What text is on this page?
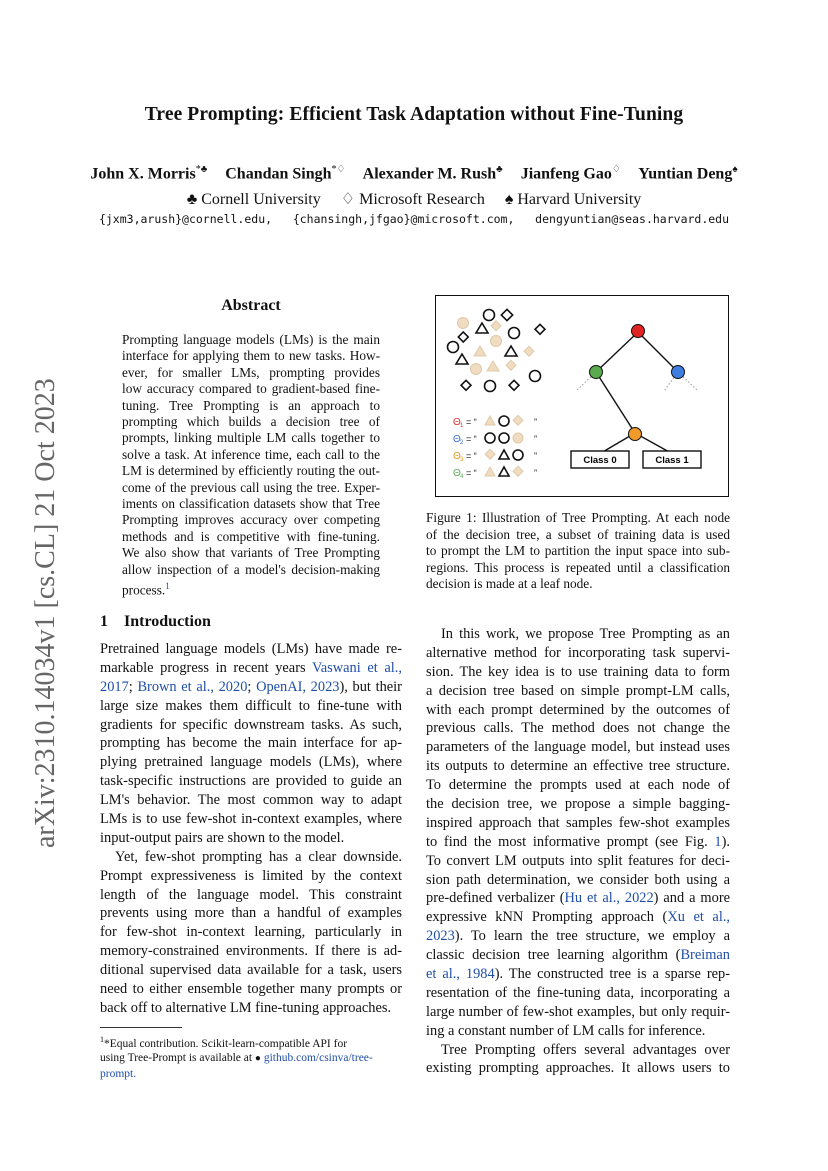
arXiv:2310.14034v1 [cs.CL] 21 Oct 2023
Tree Prompting: Efficient Task Adaptation without Fine-Tuning
John X. Morris*♣ Chandan Singh*♢ Alexander M. Rush♣ Jianfeng Gao♢ Yuntian Deng♠
♣ Cornell University ♢ Microsoft Research ♠ Harvard University
{jxm3,arush}@cornell.edu, {chansingh,jfgao}@microsoft.com, dengyuntian@seas.harvard.edu
Abstract
Prompting language models (LMs) is the main
interface for applying them to new tasks. How-
ever, for smaller LMs, prompting provides
low accuracy compared to gradient-based fine-
tuning. Tree Prompting is an approach to
prompting which builds a decision tree of
prompts, linking multiple LM calls together to
solve a task. At inference time, each call to the
LM is determined by efficiently routing the out-
come of the previous call using the tree. Exper-
iments on classification datasets show that Tree
Prompting improves accuracy over competing
methods and is competitive with fine-tuning.
We also show that variants of Tree Prompting
allow inspection of a model's decision-making
process.$^1$
Θ 1 = “	”
Θ 2 = “	”
Θ 3 = “	”
Θ 4 = “	”
Class 0	Class 1
Figure 1: Illustration of Tree Prompting. At each node
of the decision tree, a subset of training data is used
to prompt the LM to partition the input space into sub-
regions. This process is repeated until a classification
decision is made at a leaf node.
1 Introduction
Pretrained language models (LMs) have made re-
markable progress in recent years Vaswani et al.,
2017; Brown et al., 2020; OpenAI, 2023), but their
large size makes them difficult to fine-tune with
gradients for specific downstream tasks. As such,
prompting has become the main interface for ap-
plying pretrained language models (LMs), where
task-specific instructions are provided to guide an
LM's behavior. The most common way to adapt
LMs is to use few-shot in-context examples, where
input-output pairs are shown to the model.
Yet, few-shot prompting has a clear downside.
Prompt expressiveness is limited by the context
length of the language model. This constraint
prevents using more than a handful of examples
for few-shot in-context learning, particularly in
memory-constrained environments. If there is ad-
ditional supervised data available for a task, users
need to either ensemble together many prompts or
back off to alternative LM fine-tuning approaches.
In this work, we propose Tree Prompting as an
alternative method for incorporating task supervi-
sion. The key idea is to use training data to form
a decision tree based on simple prompt-LM calls,
with each prompt determined by the outcomes of
previous calls. The method does not change the
parameters of the language model, but instead uses
its outputs to determine an effective tree structure.
To determine the prompts used at each node of
the decision tree, we propose a simple bagging-
inspired approach that samples few-shot examples
to find the most informative prompt (see Fig. 1).
To convert LM outputs into split features for deci-
sion path determination, we consider both using a
pre-defined verbalizer (Hu et al., 2022) and a more
expressive kNN Prompting approach (Xu et al.,
2023). To learn the tree structure, we employ a
classic decision tree learning algorithm (Breiman
et al., 1984). The constructed tree is a sparse rep-
resentation of the fine-tuning data, incorporating a
large number of few-shot examples, but only requir-
ing a constant number of LM calls for inference.
Tree Prompting offers several advantages over
existing prompting approaches. It allows users to
$^1$*Equal contribution. Scikit-learn-compatible API for
using Tree-Prompt is available at ● github.com/csinva/tree-
prompt.
